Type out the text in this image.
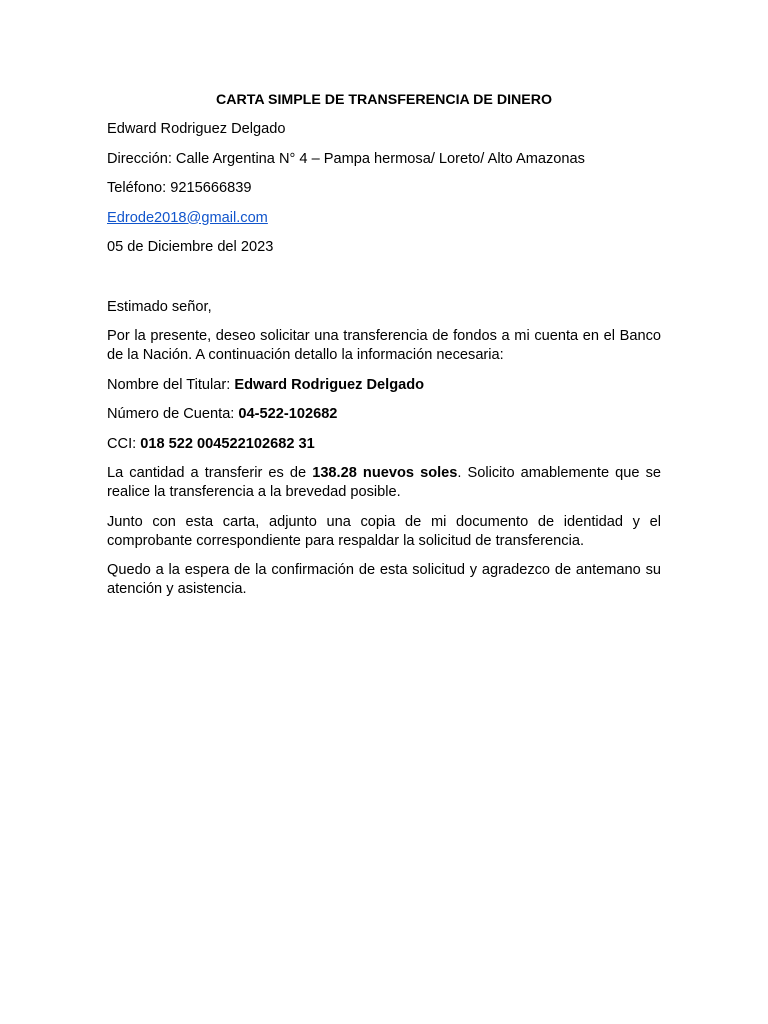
CARTA SIMPLE DE TRANSFERENCIA DE DINERO
Edward Rodriguez Delgado
Dirección: Calle Argentina N° 4 – Pampa hermosa/ Loreto/ Alto Amazonas
Teléfono: 9215666839
Edrode2018@gmail.com
05 de Diciembre del 2023
Estimado señor,
Por la presente, deseo solicitar una transferencia de fondos a mi cuenta en el Banco de la Nación. A continuación detallo la información necesaria:
Nombre del Titular: Edward Rodriguez Delgado
Número de Cuenta: 04-522-102682
CCI: 018 522 004522102682 31
La cantidad a transferir es de 138.28 nuevos soles. Solicito amablemente que se realice la transferencia a la brevedad posible.
Junto con esta carta, adjunto una copia de mi documento de identidad y el comprobante correspondiente para respaldar la solicitud de transferencia.
Quedo a la espera de la confirmación de esta solicitud y agradezco de antemano su atención y asistencia.
